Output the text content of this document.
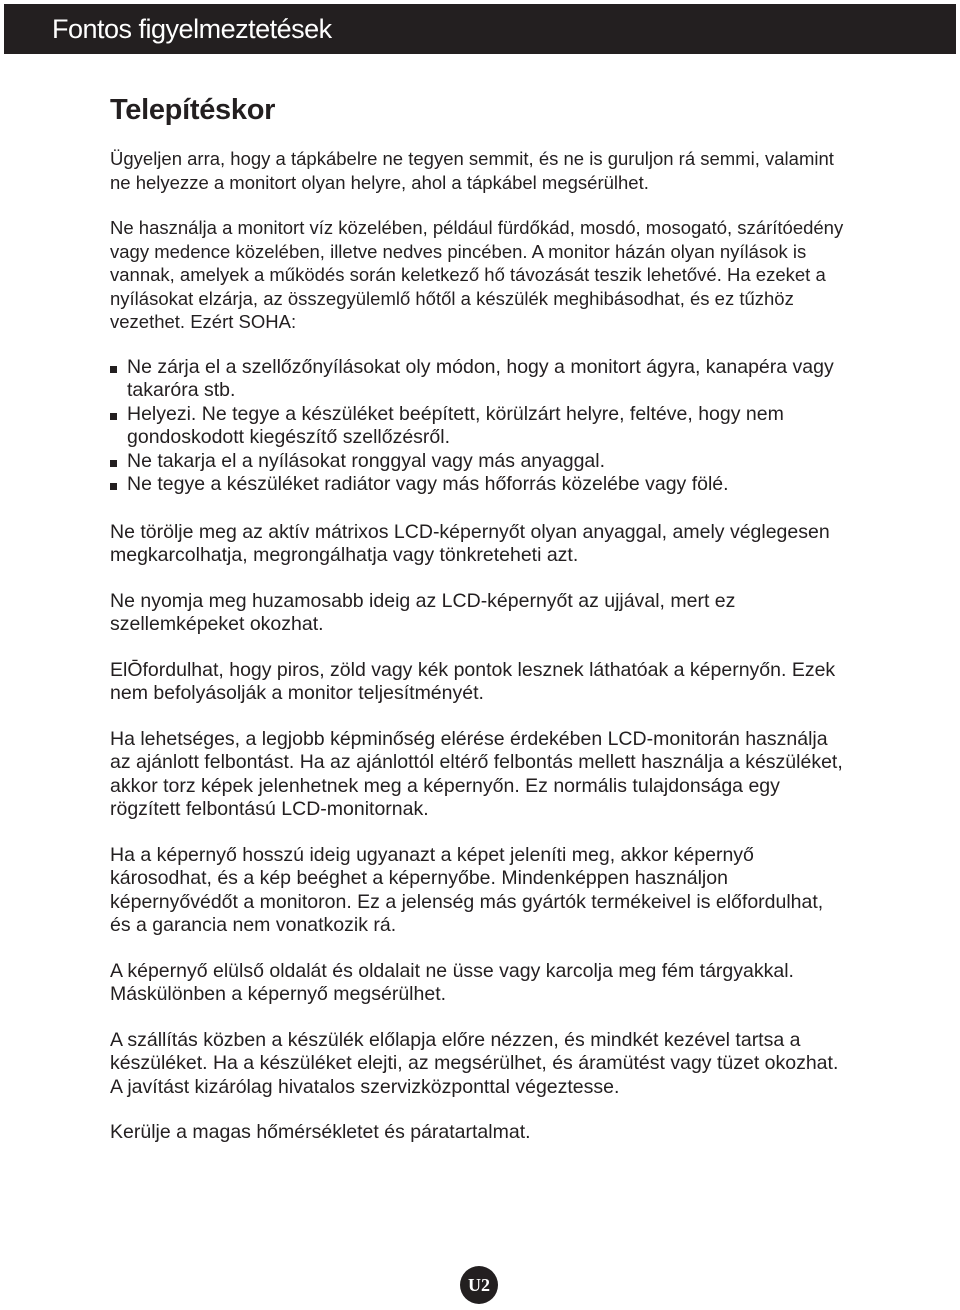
Fontos figyelmeztetések
Telepítéskor

Ügyeljen arra, hogy a tápkábelre ne tegyen semmit, és ne is guruljon rá semmi, valamint ne helyezze a monitort olyan helyre, ahol a tápkábel megsérülhet.

Ne használja a monitort víz közelében, például fürdőkád, mosdó, mosogató, szárítóedény vagy medence közelében, illetve nedves pincében. A monitor házán olyan nyílások is vannak, amelyek a működés során keletkező hő távozását teszik lehetővé. Ha ezeket a nyílásokat elzárja, az összegyülemlő hőtől a készülék meghibásodhat, és ez tűzhöz vezethet. Ezért SOHA:

Ne zárja el a szellőzőnyílásokat oly módon, hogy a monitort ágyra, kanapéra vagy takaróra stb.
Helyezi. Ne tegye a készüléket beépített, körülzárt helyre, feltéve, hogy nem gondoskodott kiegészítő szellőzésről.
Ne takarja el a nyílásokat ronggyal vagy más anyaggal.
Ne tegye a készüléket radiátor vagy más hőforrás közelébe vagy fölé.

Ne törölje meg az aktív mátrixos LCD-képernyőt olyan anyaggal, amely véglegesen megkarcolhatja, megrongálhatja vagy tönkreteheti azt.

Ne nyomja meg huzamosabb ideig az LCD-képernyőt az ujjával, mert ez szellemképeket okozhat.

ElŌfordulhat, hogy piros, zöld vagy kék pontok lesznek láthatóak a képernyőn. Ezek nem befolyásolják a monitor teljesítményét.

Ha lehetséges, a legjobb képminőség elérése érdekében LCD-monitorán használja az ajánlott felbontást. Ha az ajánlottól eltérő felbontás mellett használja a készüléket, akkor torz képek jelenhetnek meg a képernyőn. Ez normális tulajdonsága egy rögzített felbontású LCD-monitornak.

Ha a képernyő hosszú ideig ugyanazt a képet jeleníti meg, akkor képernyő károsodhat, és a kép beéghet a képernyőbe. Mindenképpen használjon képernyővédőt a monitoron. Ez a jelenség más gyártók termékeivel is előfordulhat, és a garancia nem vonatkozik rá.

A képernyő elülső oldalát és oldalait ne üsse vagy karcolja meg fém tárgyakkal. Máskülönben a képernyő megsérülhet.

A szállítás közben a készülék előlapja előre nézzen, és mindkét kezével tartsa a készüléket. Ha a készüléket elejti, az megsérülhet, és áramütést vagy tüzet okozhat. A javítást kizárólag hivatalos szervizközponttal végeztesse.

Kerülje a magas hőmérsékletet és páratartalmat.

U2
